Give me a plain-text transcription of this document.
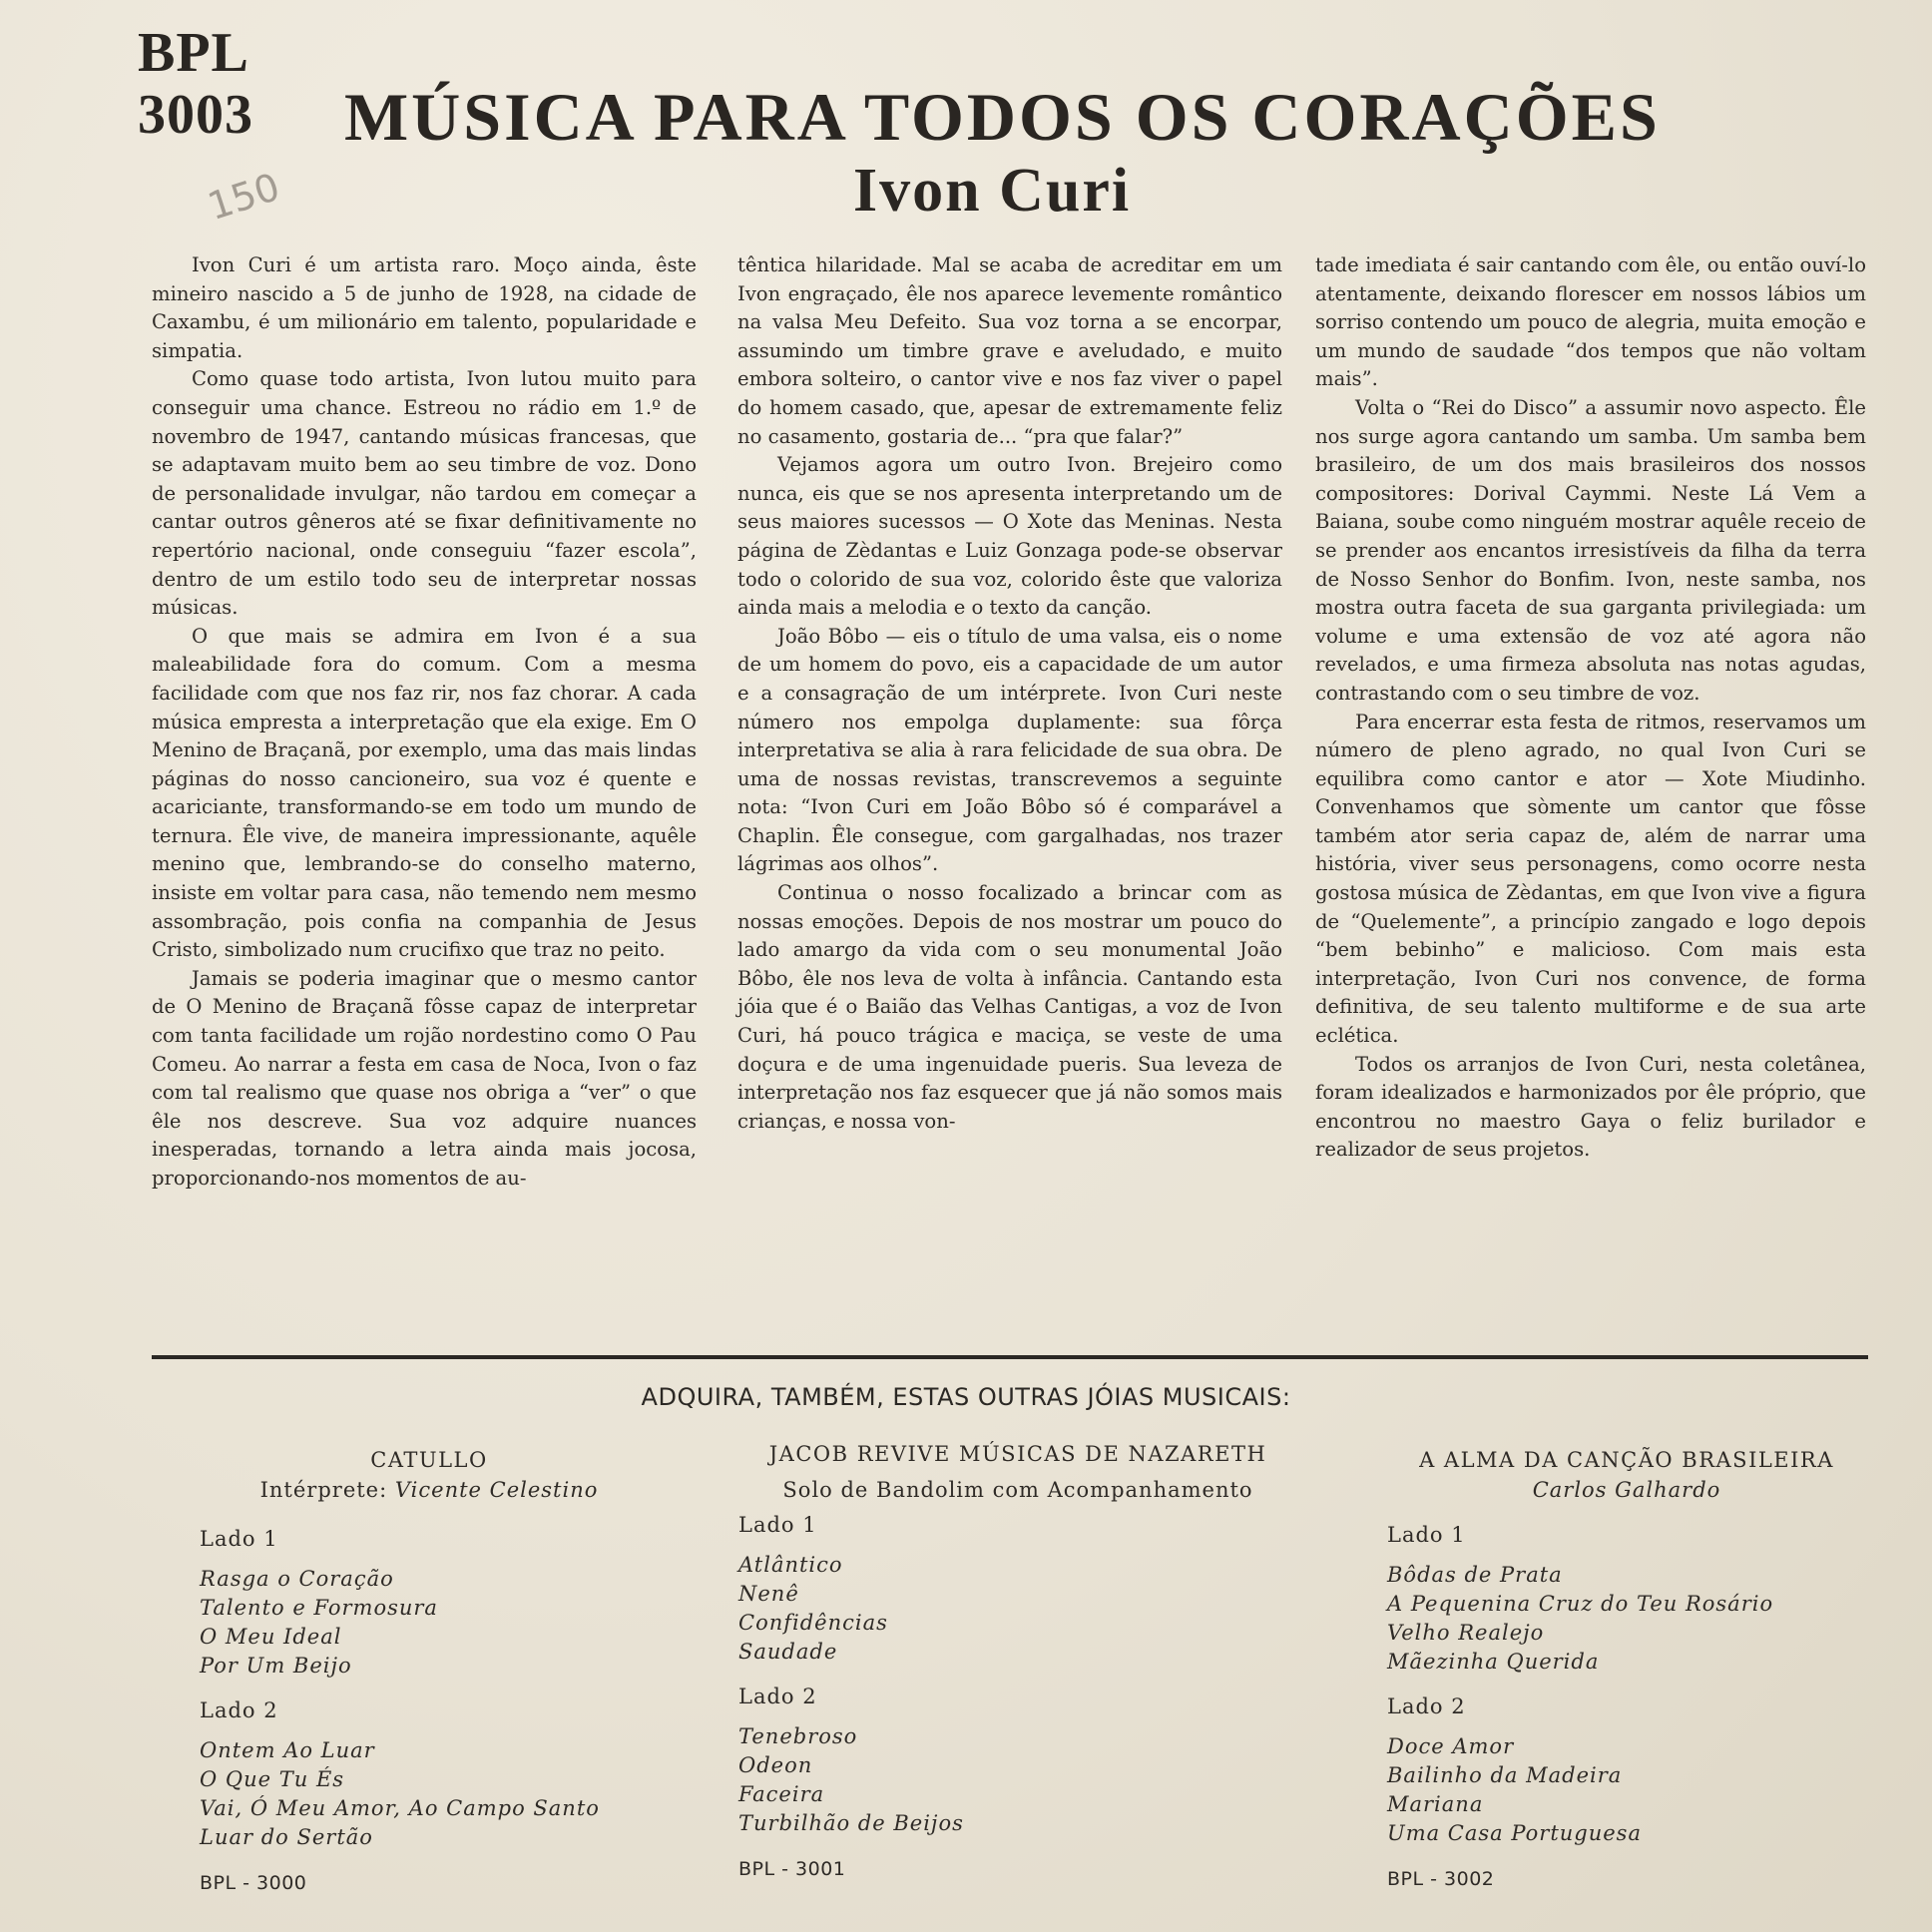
BPL
3003 MÚSICA PARA TODOS OS CORAÇÕES
Ivon Curi
150

Ivon Curi é um artista raro. Moço ainda, êste mineiro nascido a 5 de junho de 1928, na cidade de Caxambu, é um milionário em talento, popularidade e simpatia.

Como quase todo artista, Ivon lutou muito para conseguir uma chance. Estreou no rádio em 1.º de novembro de 1947, cantando músicas francesas, que se adaptavam muito bem ao seu timbre de voz. Dono de personalidade invulgar, não tardou em começar a cantar outros gêneros até se fixar definitivamente no repertório nacional, onde conseguiu “fazer escola”, dentro de um estilo todo seu de interpretar nossas músicas.

O que mais se admira em Ivon é a sua maleabilidade fora do comum. Com a mesma facilidade com que nos faz rir, nos faz chorar. A cada música empresta a interpretação que ela exige. Em O Menino de Braçanã, por exemplo, uma das mais lindas páginas do nosso cancioneiro, sua voz é quente e acariciante, transformando-se em todo um mundo de ternura. Êle vive, de maneira impressionante, aquêle menino que, lembrando-se do conselho materno, insiste em voltar para casa, não temendo nem mesmo assombração, pois confia na companhia de Jesus Cristo, simbolizado num crucifixo que traz no peito.

Jamais se poderia imaginar que o mesmo cantor de O Menino de Braçanã fôsse capaz de interpretar com tanta facilidade um rojão nordestino como O Pau Comeu. Ao narrar a festa em casa de Noca, Ivon o faz com tal realismo que quase nos obriga a “ver” o que êle nos descreve. Sua voz adquire nuances inesperadas, tornando a letra ainda mais jocosa, proporcionando-nos momentos de au-

têntica hilaridade. Mal se acaba de acreditar em um Ivon engraçado, êle nos aparece levemente romântico na valsa Meu Defeito. Sua voz torna a se encorpar, assumindo um timbre grave e aveludado, e muito embora solteiro, o cantor vive e nos faz viver o papel do homem casado, que, apesar de extremamente feliz no casamento, gostaria de... “pra que falar?”

Vejamos agora um outro Ivon. Brejeiro como nunca, eis que se nos apresenta interpretando um de seus maiores sucessos — O Xote das Meninas. Nesta página de Zèdantas e Luiz Gonzaga pode-se observar todo o colorido de sua voz, colorido êste que valoriza ainda mais a melodia e o texto da canção.

João Bôbo — eis o título de uma valsa, eis o nome de um homem do povo, eis a capacidade de um autor e a consagração de um intérprete. Ivon Curi neste número nos empolga duplamente: sua fôrça interpretativa se alia à rara felicidade de sua obra. De uma de nossas revistas, transcrevemos a seguinte nota: “Ivon Curi em João Bôbo só é comparável a Chaplin. Êle consegue, com gargalhadas, nos trazer lágrimas aos olhos”.

Continua o nosso focalizado a brincar com as nossas emoções. Depois de nos mostrar um pouco do lado amargo da vida com o seu monumental João Bôbo, êle nos leva de volta à infância. Cantando esta jóia que é o Baião das Velhas Cantigas, a voz de Ivon Curi, há pouco trágica e maciça, se veste de uma doçura e de uma ingenuidade pueris. Sua leveza de interpretação nos faz esquecer que já não somos mais crianças, e nossa von-

tade imediata é sair cantando com êle, ou então ouví-lo atentamente, deixando florescer em nossos lábios um sorriso contendo um pouco de alegria, muita emoção e um mundo de saudade “dos tempos que não voltam mais”.

Volta o “Rei do Disco” a assumir novo aspecto. Êle nos surge agora cantando um samba. Um samba bem brasileiro, de um dos mais brasileiros dos nossos compositores: Dorival Caymmi. Neste Lá Vem a Baiana, soube como ninguém mostrar aquêle receio de se prender aos encantos irresistíveis da filha da terra de Nosso Senhor do Bonfim. Ivon, neste samba, nos mostra outra faceta de sua garganta privilegiada: um volume e uma extensão de voz até agora não revelados, e uma firmeza absoluta nas notas agudas, contrastando com o seu timbre de voz.

Para encerrar esta festa de ritmos, reservamos um número de pleno agrado, no qual Ivon Curi se equilibra como cantor e ator — Xote Miudinho. Convenhamos que sòmente um cantor que fôsse também ator seria capaz de, além de narrar uma história, viver seus personagens, como ocorre nesta gostosa música de Zèdantas, em que Ivon vive a figura de “Quelemente”, a princípio zangado e logo depois “bem bebinho” e malicioso. Com mais esta interpretação, Ivon Curi nos convence, de forma definitiva, de seu talento multiforme e de sua arte eclética.

Todos os arranjos de Ivon Curi, nesta coletânea, foram idealizados e harmonizados por êle próprio, que encontrou no maestro Gaya o feliz burilador e realizador de seus projetos.

ADQUIRA, TAMBÉM, ESTAS OUTRAS JÓIAS MUSICAIS:
CATULLO
Intérprete: Vicente Celestino
Lado 1
Rasga o Coração
Talento e Formosura
O Meu Ideal
Por Um Beijo
Lado 2
Ontem Ao Luar
O Que Tu És
Vai, Ó Meu Amor, Ao Campo Santo
Luar do Sertão
BPL - 3000
JACOB REVIVE MÚSICAS DE NAZARETH
Solo de Bandolim com Acompanhamento
Lado 1
Atlântico
Nenê
Confidências
Saudade
Lado 2
Tenebroso
Odeon
Faceira
Turbilhão de Beijos
BPL - 3001
A ALMA DA CANÇÃO BRASILEIRA
Carlos Galhardo
Lado 1
Bôdas de Prata
A Pequenina Cruz do Teu Rosário
Velho Realejo
Mãezinha Querida
Lado 2
Doce Amor
Bailinho da Madeira
Mariana
Uma Casa Portuguesa
BPL - 3002
